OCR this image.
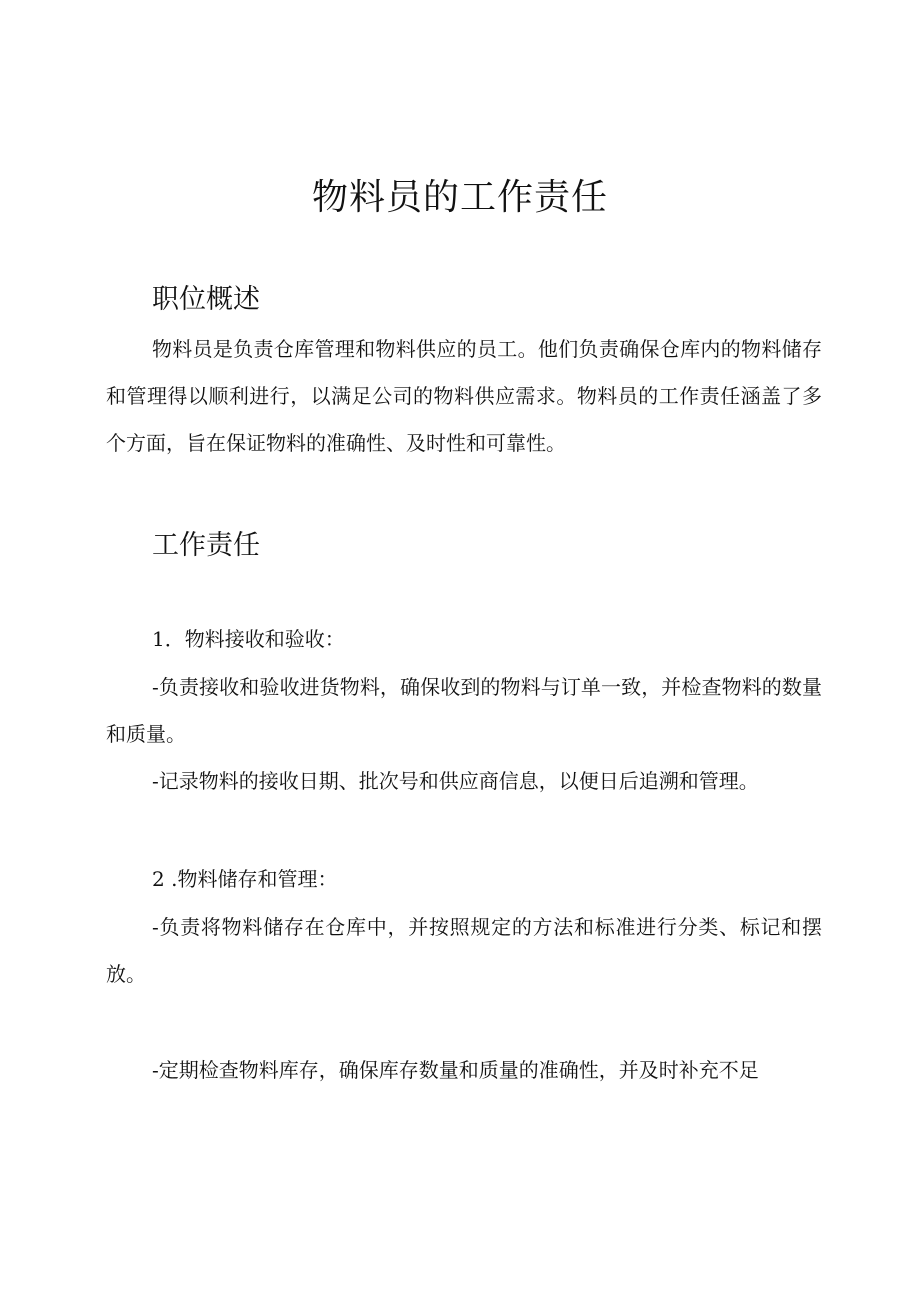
物料员的工作责任
职位概述

物料员是负责仓库管理和物料供应的员工。他们负责确保仓库内的物料储存和管理得以顺利进行，以满足公司的物料供应需求。物料员的工作责任涵盖了多个方面，旨在保证物料的准确性、及时性和可靠性。

工作责任

1．物料接收和验收：

-负责接收和验收进货物料，确保收到的物料与订单一致，并检查物料的数量和质量。

-记录物料的接收日期、批次号和供应商信息，以便日后追溯和管理。

2 .物料储存和管理：

-负责将物料储存在仓库中，并按照规定的方法和标准进行分类、标记和摆放。

-定期检查物料库存，确保库存数量和质量的准确性，并及时补充不足
